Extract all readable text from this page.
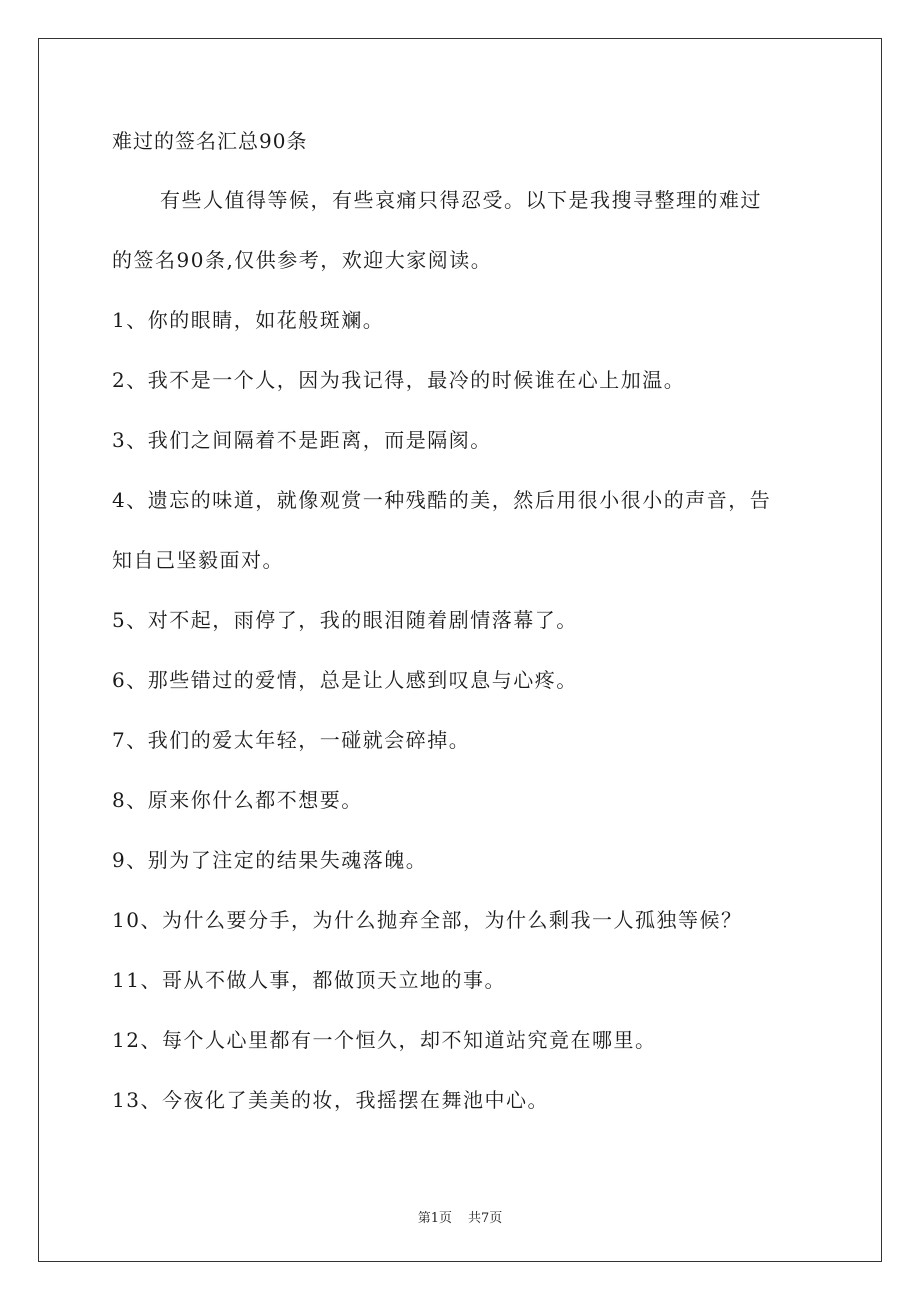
难过的签名汇总90条

有些人值得等候，有些哀痛只得忍受。以下是我搜寻整理的难过
的签名90条,仅供参考，欢迎大家阅读。

1、你的眼睛，如花般斑斓。
2、我不是一个人，因为我记得，最冷的时候谁在心上加温。
3、我们之间隔着不是距离，而是隔阂。
4、遗忘的味道，就像观赏一种残酷的美，然后用很小很小的声音，告
知自己坚毅面对。
5、对不起，雨停了，我的眼泪随着剧情落幕了。
6、那些错过的爱情，总是让人感到叹息与心疼。
7、我们的爱太年轻，一碰就会碎掉。
8、原来你什么都不想要。
9、别为了注定的结果失魂落魄。
10、为什么要分手，为什么抛弃全部，为什么剩我一人孤独等候？
11、哥从不做人事，都做顶天立地的事。
12、每个人心里都有一个恒久，却不知道站究竟在哪里。
13、今夜化了美美的妆，我摇摆在舞池中心。
第1页 共7页
